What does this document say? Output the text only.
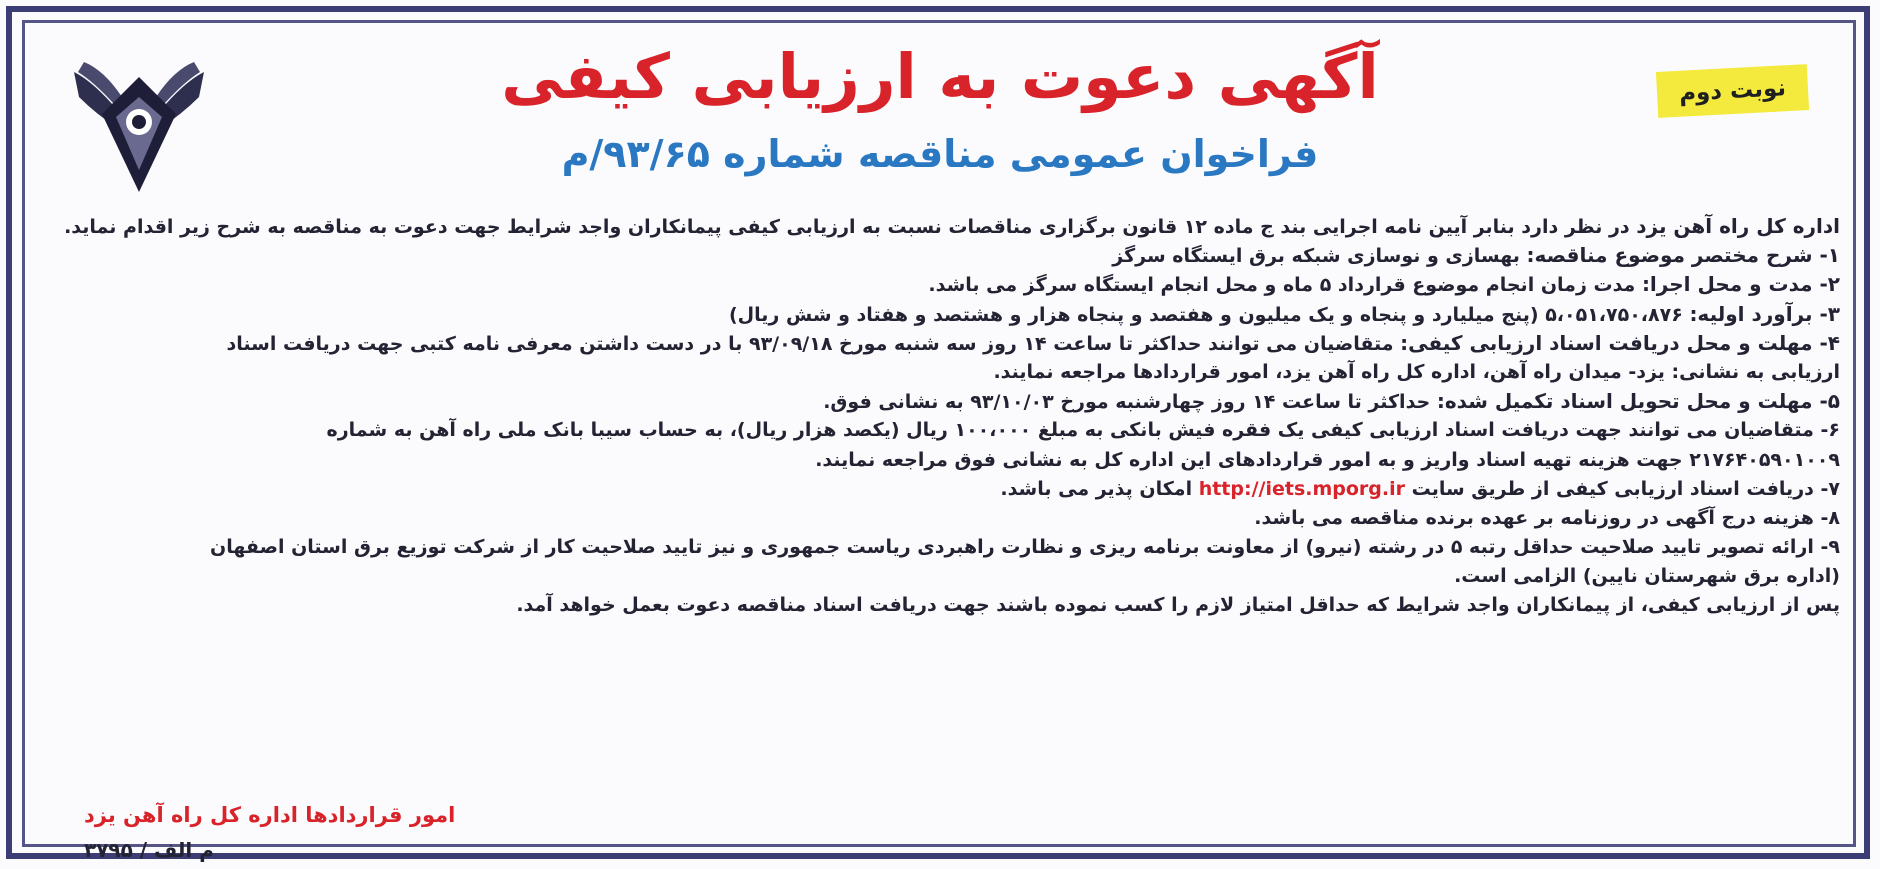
نوبت دوم
آگهی دعوت به ارزیابی کیفی
فراخوان عمومی مناقصه شماره ۹۳/۶۵/م
اداره کل راه آهن یزد در نظر دارد بنابر آیین نامه اجرایی بند ج ماده ۱۲ قانون برگزاری مناقصات نسبت به ارزیابی کیفی پیمانکاران واجد شرایط جهت دعوت به مناقصه به شرح زیر اقدام نماید.
۱- شرح مختصر موضوع مناقصه: بهسازی و نوسازی شبکه برق ایستگاه سرگز
۲- مدت و محل اجرا: مدت زمان انجام موضوع قرارداد ۵ ماه و محل انجام ایستگاه سرگز می باشد.
۳- برآورد اولیه: ۵،۰۵۱،۷۵۰،۸۷۶ (پنج میلیارد و پنجاه و یک میلیون و هفتصد و پنجاه هزار و هشتصد و هفتاد و شش ریال)
۴- مهلت و محل دریافت اسناد ارزیابی کیفی: متقاضیان می توانند حداکثر تا ساعت ۱۴ روز سه شنبه مورخ ۹۳/۰۹/۱۸ با در دست داشتن معرفی نامه کتبی جهت دریافت اسناد
ارزیابی به نشانی: یزد- میدان راه آهن، اداره کل راه آهن یزد، امور قراردادها مراجعه نمایند.
۵- مهلت و محل تحویل اسناد تکمیل شده: حداکثر تا ساعت ۱۴ روز چهارشنبه مورخ ۹۳/۱۰/۰۳ به نشانی فوق.
۶- متقاضیان می توانند جهت دریافت اسناد ارزیابی کیفی یک فقره فیش بانکی به مبلغ ۱۰۰،۰۰۰ ریال (یکصد هزار ریال)، به حساب سیبا بانک ملی راه آهن به شماره
۲۱۷۶۴۰۵۹۰۱۰۰۹ جهت هزینه تهیه اسناد واریز و به امور قراردادهای این اداره کل به نشانی فوق مراجعه نمایند.
۷- دریافت اسناد ارزیابی کیفی از طریق سایت http://iets.mporg.ir امکان پذیر می باشد.
۸- هزینه درج آگهی در روزنامه بر عهده برنده مناقصه می باشد.
۹- ارائه تصویر تایید صلاحیت حداقل رتبه ۵ در رشته (نیرو) از معاونت برنامه ریزی و نظارت راهبردی ریاست جمهوری و نیز تایید صلاحیت کار از شرکت توزیع برق استان اصفهان
(اداره برق شهرستان نایین) الزامی است.
پس از ارزیابی کیفی، از پیمانکاران واجد شرایط که حداقل امتیاز لازم را کسب نموده باشند جهت دریافت اسناد مناقصه دعوت بعمل خواهد آمد.
امور قراردادها اداره کل راه آهن یزد
م الف / ۳۷۹۵
